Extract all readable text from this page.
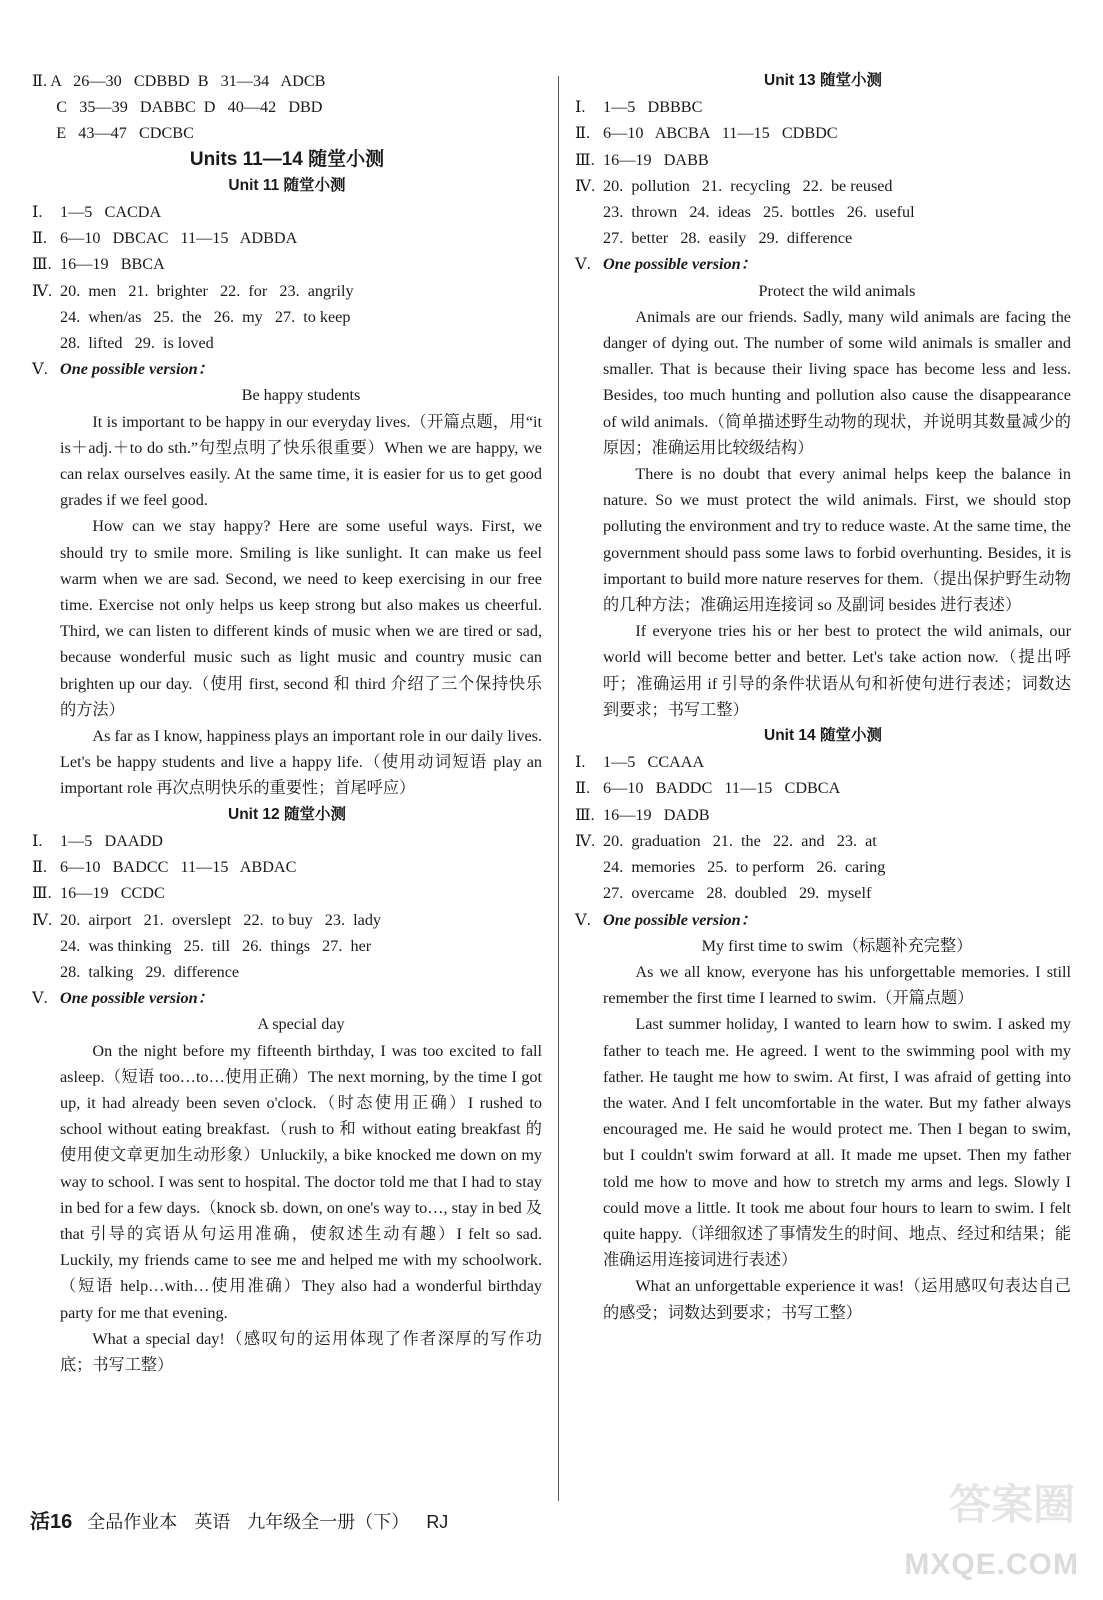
Ⅱ. A   26—30   CDBBD  B   31—34   ADCB
C   35—39   DABBC  D   40—42   DBD
E   43—47   CDCBC
Units 11—14 随堂小测
Unit 11 随堂小测
Ⅰ.	1—5   CACDA
Ⅱ. 6—10   DBCAC   11—15   ADBDA
Ⅲ. 16—19   BBCA
Ⅳ. 20.  men   21.  brighter   22.  for   23.  angrily
24.  when/as   25.  the   26.  my   27.  to keep
28.  lifted   29.  is loved
Ⅴ. One possible version：
Be happy students
It is important to be happy in our everyday lives.（开篇点题，用“it is＋adj.＋to do sth.”句型点明了快乐很重要）When we are happy, we can relax ourselves easily. At the same time, it is easier for us to get good grades if we feel good.
How can we stay happy? Here are some useful ways. First, we should try to smile more. Smiling is like sunlight. It can make us feel warm when we are sad. Second, we need to keep exercising in our free time. Exercise not only helps us keep strong but also makes us cheerful. Third, we can listen to different kinds of music when we are tired or sad, because wonderful music such as light music and country music can brighten up our day.（使用 first, second 和 third 介绍了三个保持快乐的方法）
As far as I know, happiness plays an important role in our daily lives. Let's be happy students and live a happy life.（使用动词短语 play an important role 再次点明快乐的重要性；首尾呼应）
Unit 12 随堂小测
Ⅰ.	1—5   DAADD
Ⅱ. 6—10   BADCC   11—15   ABDAC
Ⅲ. 16—19   CCDC
Ⅳ. 20.  airport   21.  overslept   22.  to buy   23.  lady
24.  was thinking   25.  till   26.  things   27.  her
28.  talking   29.  difference
Ⅴ. One possible version：
A special day
On the night before my fifteenth birthday, I was too excited to fall asleep.（短语 too…to…使用正确）The next morning, by the time I got up, it had already been seven o'clock.（时态使用正确）I rushed to school without eating breakfast.（rush to 和 without eating breakfast 的使用使文章更加生动形象）Unluckily, a bike knocked me down on my way to school. I was sent to hospital. The doctor told me that I had to stay in bed for a few days.（knock sb. down, on one's way to…, stay in bed 及 that 引导的宾语从句运用准确，使叙述生动有趣）I felt so sad. Luckily, my friends came to see me and helped me with my schoolwork.（短语 help…with…使用准确）They also had a wonderful birthday party for me that evening.
What a special day!（感叹句的运用体现了作者深厚的写作功底；书写工整）
Unit 13 随堂小测
Ⅰ.	1—5   DBBBC
Ⅱ. 6—10   ABCBA   11—15   CDBDC
Ⅲ. 16—19   DABB
Ⅳ. 20.  pollution   21.  recycling   22.  be reused
23.  thrown   24.  ideas   25.  bottles   26.  useful
27.  better   28.  easily   29.  difference
Ⅴ. One possible version：
Protect the wild animals
Animals are our friends. Sadly, many wild animals are facing the danger of dying out. The number of some wild animals is smaller and smaller. That is because their living space has become less and less. Besides, too much hunting and pollution also cause the disappearance of wild animals.（简单描述野生动物的现状，并说明其数量减少的原因；准确运用比较级结构）
There is no doubt that every animal helps keep the balance in nature. So we must protect the wild animals. First, we should stop polluting the environment and try to reduce waste. At the same time, the government should pass some laws to forbid overhunting. Besides, it is important to build more nature reserves for them.（提出保护野生动物的几种方法；准确运用连接词 so 及副词 besides 进行表述）
If everyone tries his or her best to protect the wild animals, our world will become better and better. Let's take action now.（提出呼吁；准确运用 if 引导的条件状语从句和祈使句进行表述；词数达到要求；书写工整）
Unit 14 随堂小测
Ⅰ.	1—5   CCAAA
Ⅱ. 6—10   BADDC   11—15   CDBCA
Ⅲ. 16—19   DADB
Ⅳ. 20.  graduation   21.  the   22.  and   23.  at
24.  memories   25.  to perform   26.  caring
27.  overcame   28.  doubled   29.  myself
Ⅴ. One possible version：
My first time to swim（标题补充完整）
As we all know, everyone has his unforgettable memories. I still remember the first time I learned to swim.（开篇点题）
Last summer holiday, I wanted to learn how to swim. I asked my father to teach me. He agreed. I went to the swimming pool with my father. He taught me how to swim. At first, I was afraid of getting into the water. And I felt uncomfortable in the water. But my father always encouraged me. He said he would protect me. Then I began to swim, but I couldn't swim forward at all. It made me upset. Then my father told me how to move and how to stretch my arms and legs. Slowly I could move a little. It took me about four hours to learn to swim. I felt quite happy.（详细叙述了事情发生的时间、地点、经过和结果；能准确运用连接词进行表述）
What an unforgettable experience it was!（运用感叹句表达自己的感受；词数达到要求；书写工整）
活16 全品作业本 英语 九年级全一册（下） RJ	答案圈
MXQE.COM
